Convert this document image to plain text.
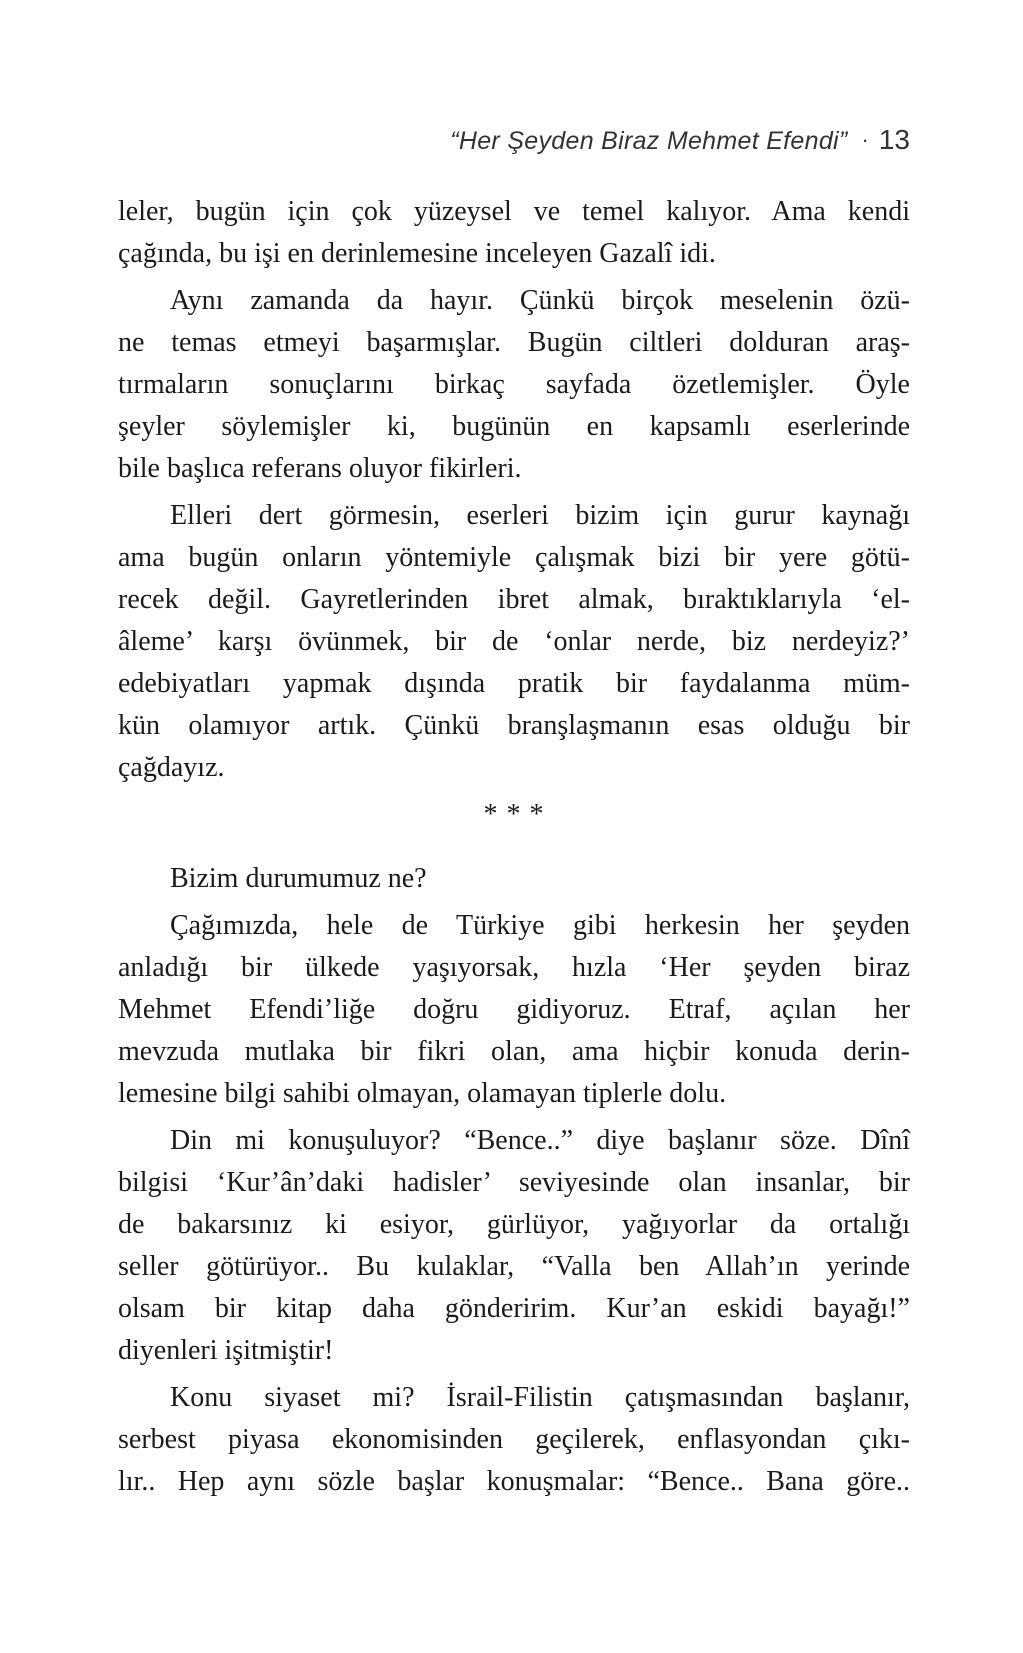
“Her Şeyden Biraz Mehmet Efendi” · 13
leler, bugün için çok yüzeysel ve temel kalıyor. Ama kendi
çağında, bu işi en derinlemesine inceleyen Gazalî idi.
Aynı zamanda da hayır. Çünkü birçok meselenin özü-
ne temas etmeyi başarmışlar. Bugün ciltleri dolduran araş-
tırmaların sonuçlarını birkaç sayfada özetlemişler. Öyle
şeyler söylemişler ki, bugünün en kapsamlı eserlerinde
bile başlıca referans oluyor fikirleri.
Elleri dert görmesin, eserleri bizim için gurur kaynağı
ama bugün onların yöntemiyle çalışmak bizi bir yere götü-
recek değil. Gayretlerinden ibret almak, bıraktıklarıyla ‘el-
âleme’ karşı övünmek, bir de ‘onlar nerde, biz nerdeyiz?’
edebiyatları yapmak dışında pratik bir faydalanma müm-
kün olamıyor artık. Çünkü branşlaşmanın esas olduğu bir
çağdayız.
* * *
Bizim durumumuz ne?
Çağımızda, hele de Türkiye gibi herkesin her şeyden
anladığı bir ülkede yaşıyorsak, hızla ‘Her şeyden biraz
Mehmet Efendi’liğe doğru gidiyoruz. Etraf, açılan her
mevzuda mutlaka bir fikri olan, ama hiçbir konuda derin-
lemesine bilgi sahibi olmayan, olamayan tiplerle dolu.
Din mi konuşuluyor? “Bence..” diye başlanır söze. Dînî
bilgisi ‘Kur’ân’daki hadisler’ seviyesinde olan insanlar, bir
de bakarsınız ki esiyor, gürlüyor, yağıyorlar da ortalığı
seller götürüyor.. Bu kulaklar, “Valla ben Allah’ın yerinde
olsam bir kitap daha gönderirim. Kur’an eskidi bayağı!”
diyenleri işitmiştir!
Konu siyaset mi? İsrail-Filistin çatışmasından başlanır,
serbest piyasa ekonomisinden geçilerek, enflasyondan çıkı-
lır.. Hep aynı sözle başlar konuşmalar: “Bence.. Bana göre..
